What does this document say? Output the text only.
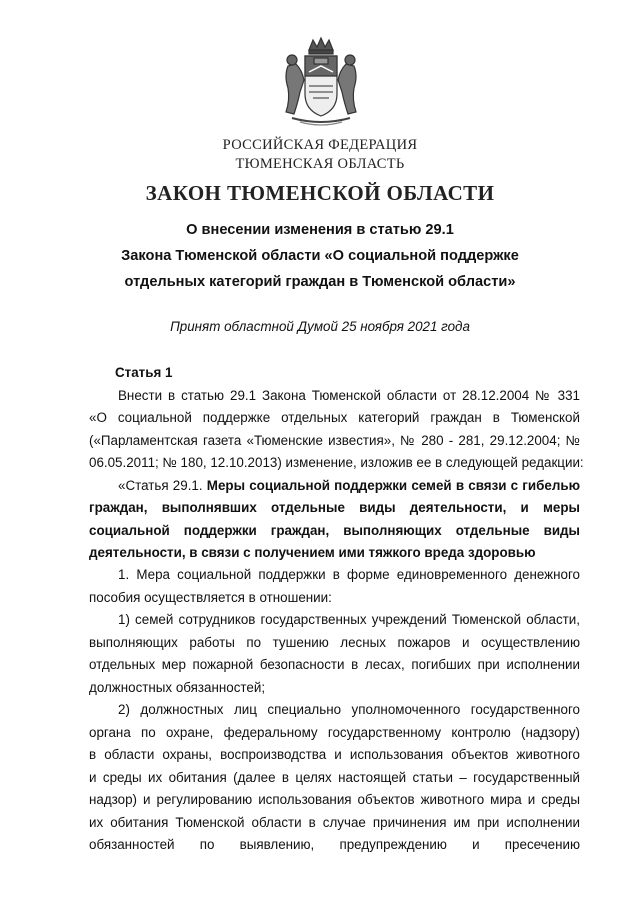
РОССИЙСКАЯ ФЕДЕРАЦИЯ
ТЮМЕНСКАЯ ОБЛАСТЬ
ЗАКОН ТЮМЕНСКОЙ ОБЛАСТИ
О внесении изменения в статью 29.1
Закона Тюменской области «О социальной поддержке
отдельных категорий граждан в Тюменской области»
Принят областной Думой 25 ноября 2021 года
Статья 1
Внести в статью 29.1 Закона Тюменской области от 28.12.2004 № 331
«О социальной поддержке отдельных категорий граждан в Тюменской
(«Парламентская газета «Тюменские известия», № 280 - 281, 29.12.2004; №
06.05.2011; № 180, 12.10.2013) изменение, изложив ее в следующей редакции:
«Статья 29.1. Меры социальной поддержки семей в связи с гибелью
граждан, выполнявших отдельные виды деятельности, и меры
социальной поддержки граждан, выполняющих отдельные виды
деятельности, в связи с получением ими тяжкого вреда здоровью
1. Мера социальной поддержки в форме единовременного денежного
пособия осуществляется в отношении:
1) семей сотрудников государственных учреждений Тюменской области,
выполняющих работы по тушению лесных пожаров и осуществлению
отдельных мер пожарной безопасности в лесах, погибших при исполнении
должностных обязанностей;
2) должностных лиц специально уполномоченного государственного
органа по охране, федеральному государственному контролю (надзору)
в области охраны, воспроизводства и использования объектов животного
и среды их обитания (далее в целях настоящей статьи – государственный
надзор) и регулированию использования объектов животного мира и среды
их обитания Тюменской области в случае причинения им при исполнении
обязанностей по выявлению, предупреждению и пресечению
